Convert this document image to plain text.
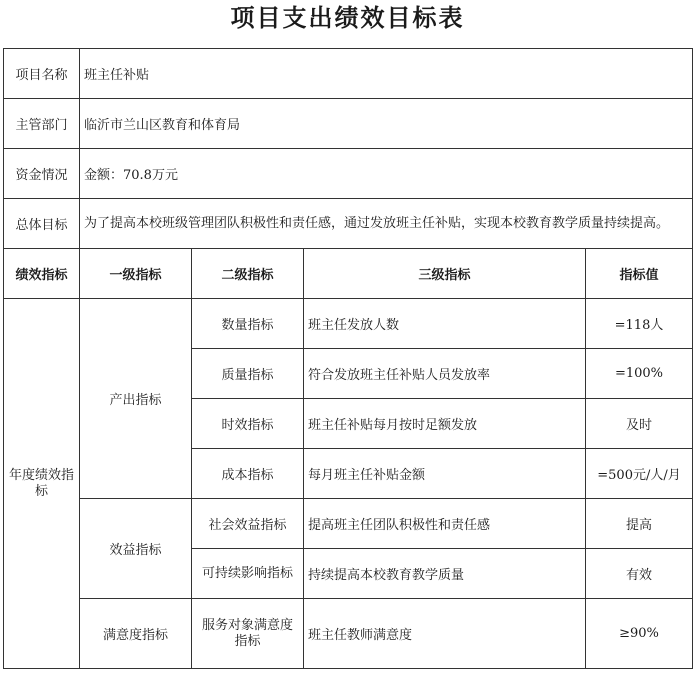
项目支出绩效目标表
项目名称	班主任补贴			
主管部门	临沂市兰山区教育和体育局			
资金情况	金额：70.8万元			
总体目标	为了提高本校班级管理团队积极性和责任感，通过发放班主任补贴，实现本校教育教学质量持续提高。			
绩效指标	一级指标	二级指标	三级指标	指标值
年度绩效指标	产出指标	数量指标	班主任发放人数	=118人
		质量指标	符合发放班主任补贴人员发放率	=100%
		时效指标	班主任补贴每月按时足额发放	及时
		成本指标	每月班主任补贴金额	=500元/人/月
	效益指标	社会效益指标	提高班主任团队积极性和责任感	提高
		可持续影响指标	持续提高本校教育教学质量	有效
	满意度指标	服务对象满意度指标	班主任教师满意度	≥90%
